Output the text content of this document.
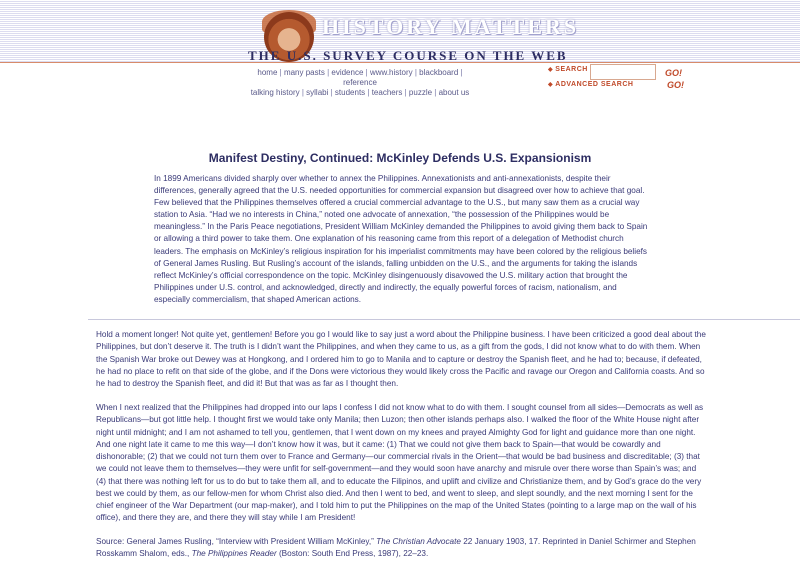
HISTORY MATTERS
THE U.S. SURVEY COURSE ON THE WEB
home | many pasts | evidence | www.history | blackboard | reference
talking history | syllabi | students | teachers | puzzle | about us
◆ SEARCH	GO!
◆ ADVANCED SEARCH	GO!
Manifest Destiny, Continued: McKinley Defends U.S. Expansionism
In 1899 Americans divided sharply over whether to annex the Philippines. Annexationists and anti-annexationists, despite their differences, generally agreed that the U.S. needed opportunities for commercial expansion but disagreed over how to achieve that goal. Few believed that the Philippines themselves offered a crucial commercial advantage to the U.S., but many saw them as a crucial way station to Asia. “Had we no interests in China,” noted one advocate of annexation, “the possession of the Philippines would be meaningless.” In the Paris Peace negotiations, President William McKinley demanded the Philippines to avoid giving them back to Spain or allowing a third power to take them. One explanation of his reasoning came from this report of a delegation of Methodist church leaders. The emphasis on McKinley’s religious inspiration for his imperialist commitments may have been colored by the religious beliefs of General James Rusling. But Rusling’s account of the islands, falling unbidden on the U.S., and the arguments for taking the islands reflect McKinley’s official correspondence on the topic. McKinley disingenuously disavowed the U.S. military action that brought the Philippines under U.S. control, and acknowledged, directly and indirectly, the equally powerful forces of racism, nationalism, and especially commercialism, that shaped American actions.
Hold a moment longer! Not quite yet, gentlemen! Before you go I would like to say just a word about the Philippine business. I have been criticized a good deal about the Philippines, but don’t deserve it. The truth is I didn’t want the Philippines, and when they came to us, as a gift from the gods, I did not know what to do with them. When the Spanish War broke out Dewey was at Hongkong, and I ordered him to go to Manila and to capture or destroy the Spanish fleet, and he had to; because, if defeated, he had no place to refit on that side of the globe, and if the Dons were victorious they would likely cross the Pacific and ravage our Oregon and California coasts. And so he had to destroy the Spanish fleet, and did it! But that was as far as I thought then.
When I next realized that the Philippines had dropped into our laps I confess I did not know what to do with them. I sought counsel from all sides—Democrats as well as Republicans—but got little help. I thought first we would take only Manila; then Luzon; then other islands perhaps also. I walked the floor of the White House night after night until midnight; and I am not ashamed to tell you, gentlemen, that I went down on my knees and prayed Almighty God for light and guidance more than one night. And one night late it came to me this way—I don’t know how it was, but it came: (1) That we could not give them back to Spain—that would be cowardly and dishonorable; (2) that we could not turn them over to France and Germany—our commercial rivals in the Orient—that would be bad business and discreditable; (3) that we could not leave them to themselves—they were unfit for self-government—and they would soon have anarchy and misrule over there worse than Spain’s was; and (4) that there was nothing left for us to do but to take them all, and to educate the Filipinos, and uplift and civilize and Christianize them, and by God’s grace do the very best we could by them, as our fellow-men for whom Christ also died. And then I went to bed, and went to sleep, and slept soundly, and the next morning I sent for the chief engineer of the War Department (our map-maker), and I told him to put the Philippines on the map of the United States (pointing to a large map on the wall of his office), and there they are, and there they will stay while I am President!
Source: General James Rusling, “Interview with President William McKinley,” The Christian Advocate 22 January 1903, 17. Reprinted in Daniel Schirmer and Stephen Rosskamm Shalom, eds., The Philippines Reader (Boston: South End Press, 1987), 22–23.
